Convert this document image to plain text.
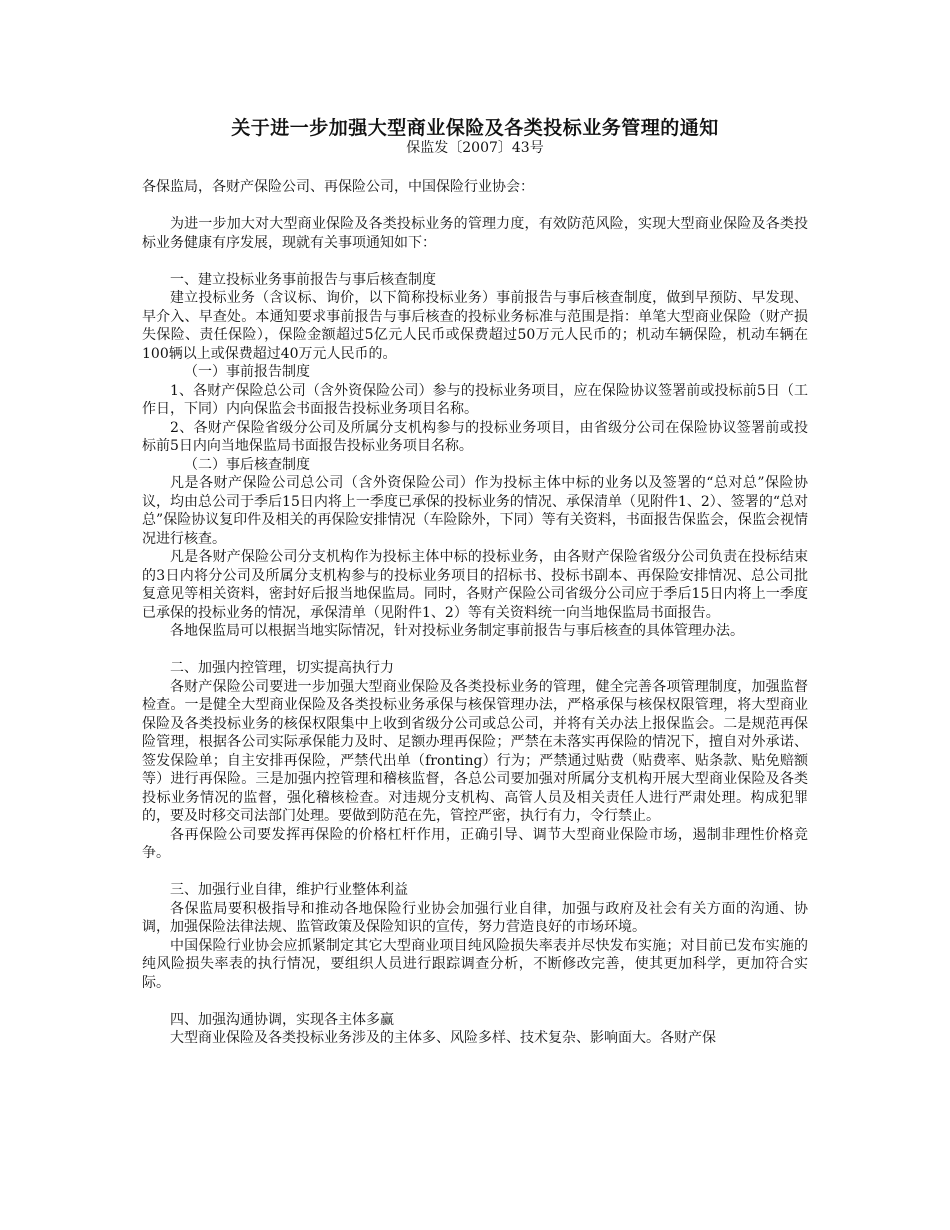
关于进一步加强大型商业保险及各类投标业务管理的通知
保监发〔2007〕43号

各保监局，各财产保险公司、再保险公司，中国保险行业协会：

为进一步加大对大型商业保险及各类投标业务的管理力度，有效防范风险，实现大型商业保险及各类投标业务健康有序发展，现就有关事项通知如下：

一、建立投标业务事前报告与事后核查制度

建立投标业务（含议标、询价，以下简称投标业务）事前报告与事后核查制度，做到早预防、早发现、早介入、早查处。本通知要求事前报告与事后核查的投标业务标准与范围是指：单笔大型商业保险（财产损失保险、责任保险），保险金额超过5亿元人民币或保费超过50万元人民币的；机动车辆保险，机动车辆在100辆以上或保费超过40万元人民币的。

（一）事前报告制度

1、各财产保险总公司（含外资保险公司）参与的投标业务项目，应在保险协议签署前或投标前5日（工作日，下同）内向保监会书面报告投标业务项目名称。

2、各财产保险省级分公司及所属分支机构参与的投标业务项目，由省级分公司在保险协议签署前或投标前5日内向当地保监局书面报告投标业务项目名称。

（二）事后核查制度

凡是各财产保险公司总公司（含外资保险公司）作为投标主体中标的业务以及签署的“总对总”保险协议，均由总公司于季后15日内将上一季度已承保的投标业务的情况、承保清单（见附件1、2）、签署的“总对总”保险协议复印件及相关的再保险安排情况（车险除外，下同）等有关资料，书面报告保监会，保监会视情况进行核查。

凡是各财产保险公司分支机构作为投标主体中标的投标业务，由各财产保险省级分公司负责在投标结束的3日内将分公司及所属分支机构参与的投标业务项目的招标书、投标书副本、再保险安排情况、总公司批复意见等相关资料，密封好后报当地保监局。同时，各财产保险公司省级分公司应于季后15日内将上一季度已承保的投标业务的情况，承保清单（见附件1、2）等有关资料统一向当地保监局书面报告。

各地保监局可以根据当地实际情况，针对投标业务制定事前报告与事后核查的具体管理办法。

二、加强内控管理，切实提高执行力

各财产保险公司要进一步加强大型商业保险及各类投标业务的管理，健全完善各项管理制度，加强监督检查。一是健全大型商业保险及各类投标业务承保与核保管理办法，严格承保与核保权限管理，将大型商业保险及各类投标业务的核保权限集中上收到省级分公司或总公司，并将有关办法上报保监会。二是规范再保险管理，根据各公司实际承保能力及时、足额办理再保险；严禁在未落实再保险的情况下，擅自对外承诺、签发保险单；自主安排再保险，严禁代出单（fronting）行为；严禁通过贴费（贴费率、贴条款、贴免赔额等）进行再保险。三是加强内控管理和稽核监督，各总公司要加强对所属分支机构开展大型商业保险及各类投标业务情况的监督，强化稽核检查。对违规分支机构、高管人员及相关责任人进行严肃处理。构成犯罪的，要及时移交司法部门处理。要做到防范在先，管控严密，执行有力，令行禁止。

各再保险公司要发挥再保险的价格杠杆作用，正确引导、调节大型商业保险市场，遏制非理性价格竞争。

三、加强行业自律，维护行业整体利益

各保监局要积极指导和推动各地保险行业协会加强行业自律，加强与政府及社会有关方面的沟通、协调，加强保险法律法规、监管政策及保险知识的宣传，努力营造良好的市场环境。

中国保险行业协会应抓紧制定其它大型商业项目纯风险损失率表并尽快发布实施；对目前已发布实施的纯风险损失率表的执行情况，要组织人员进行跟踪调查分析，不断修改完善，使其更加科学，更加符合实际。

四、加强沟通协调，实现各主体多赢

大型商业保险及各类投标业务涉及的主体多、风险多样、技术复杂、影响面大。各财产保
